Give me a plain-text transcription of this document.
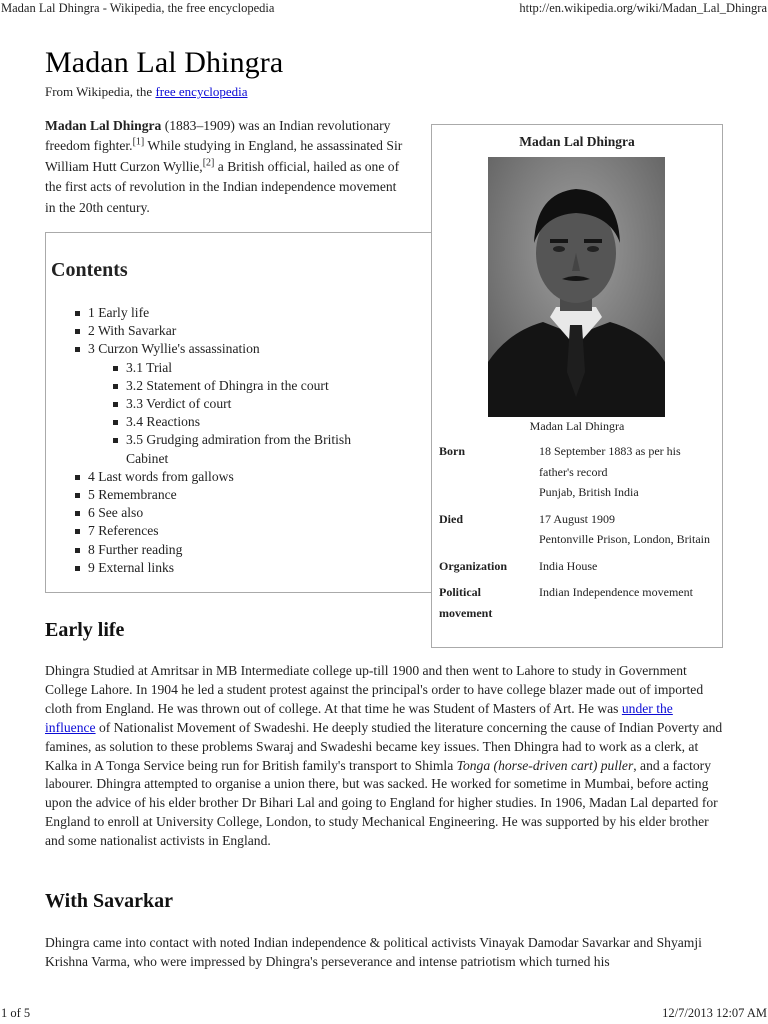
Madan Lal Dhingra - Wikipedia, the free encyclopedia	http://en.wikipedia.org/wiki/Madan_Lal_Dhingra
Madan Lal Dhingra
From Wikipedia, the free encyclopedia

Madan Lal Dhingra (1883–1909) was an Indian revolutionary freedom fighter.[1] While studying in England, he assassinated Sir William Hutt Curzon Wyllie,[2] a British official, hailed as one of the first acts of revolution in the Indian independence movement in the 20th century.

Contents
1 Early life
2 With Savarkar
3 Curzon Wyllie's assassination
3.1 Trial
3.2 Statement of Dhingra in the court
3.3 Verdict of court
3.4 Reactions
3.5 Grudging admiration from the British Cabinet
4 Last words from gallows
5 Remembrance
6 See also
7 References
8 Further reading
9 External links
Madan Lal Dhingra
Madan Lal Dhingra
Born	18 September 1883 as per his father's record
Punjab, British India

Died	17 August 1909
Pentonville Prison, London, Britain

Organization	India House

Political movement	Indian Independence movement
Early life

Dhingra Studied at Amritsar in MB Intermediate college up-till 1900 and then went to Lahore to study in Government College Lahore. In 1904 he led a student protest against the principal's order to have college blazer made out of imported cloth from England. He was thrown out of college. At that time he was Student of Masters of Art. He was under the influence of Nationalist Movement of Swadeshi. He deeply studied the literature concerning the cause of Indian Poverty and famines, as solution to these problems Swaraj and Swadeshi became key issues. Then Dhingra had to work as a clerk, at Kalka in A Tonga Service being run for British family's transport to Shimla Tonga (horse-driven cart) puller, and a factory labourer. Dhingra attempted to organise a union there, but was sacked. He worked for sometime in Mumbai, before acting upon the advice of his elder brother Dr Bihari Lal and going to England for higher studies. In 1906, Madan Lal departed for England to enroll at University College, London, to study Mechanical Engineering. He was supported by his elder brother and some nationalist activists in England.

With Savarkar

Dhingra came into contact with noted Indian independence & political activists Vinayak Damodar Savarkar and Shyamji Krishna Varma, who were impressed by Dhingra's perseverance and intense patriotism which turned his

1 of 5	12/7/2013 12:07 AM
